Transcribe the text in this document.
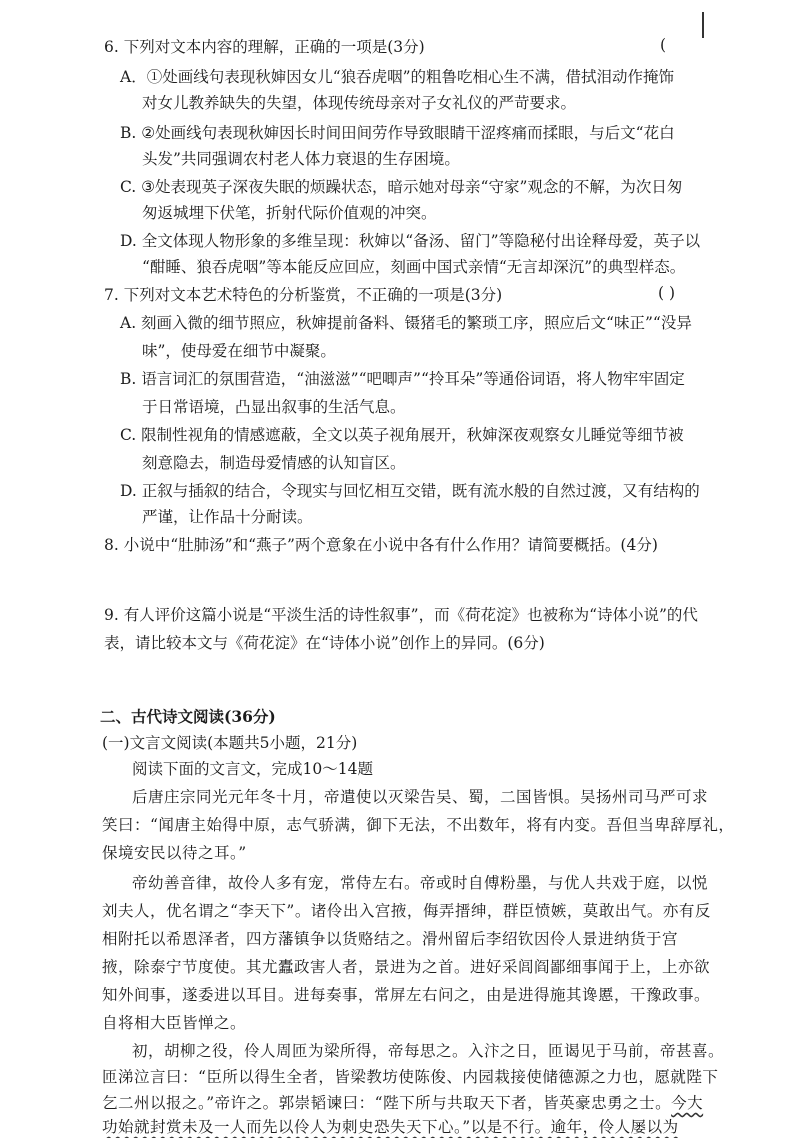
6. 下列对文本内容的理解，正确的一项是(3分)	(
A．①处画线句表现秋婶因女儿“狼吞虎咽”的粗鲁吃相心生不满，借拭泪动作掩饰
对女儿教养缺失的失望，体现传统母亲对子女礼仪的严苛要求。
B. ②处画线句表现秋婶因长时间田间劳作导致眼睛干涩疼痛而揉眼，与后文“花白
头发”共同强调农村老人体力衰退的生存困境。
C. ③处表现英子深夜失眠的烦躁状态，暗示她对母亲“守家”观念的不解，为次日匆
匆返城埋下伏笔，折射代际价值观的冲突。
D. 全文体现人物形象的多维呈现：秋婶以“备汤、留门”等隐秘付出诠释母爱，英子以
“酣睡、狼吞虎咽”等本能反应回应，刻画中国式亲情“无言却深沉”的典型样态。
7. 下列对文本艺术特色的分析鉴赏，不正确的一项是(3分)	( )
A. 刻画入微的细节照应，秋婶提前备料、镊猪毛的繁琐工序，照应后文“味正”“没异
味”，使母爱在细节中凝聚。
B. 语言词汇的氛围营造，“油滋滋”“吧唧声”“拎耳朵”等通俗词语，将人物牢牢固定
于日常语境，凸显出叙事的生活气息。
C. 限制性视角的情感遮蔽，全文以英子视角展开，秋婶深夜观察女儿睡觉等细节被
刻意隐去，制造母爱情感的认知盲区。
D. 正叙与插叙的结合，令现实与回忆相互交错，既有流水般的自然过渡，又有结构的
严谨，让作品十分耐读。
8. 小说中“肚肺汤”和“燕子”两个意象在小说中各有什么作用？请简要概括。(4分)
9. 有人评价这篇小说是“平淡生活的诗性叙事”，而《荷花淀》也被称为“诗体小说”的代
表，请比较本文与《荷花淀》在“诗体小说”创作上的异同。(6分)
二、古代诗文阅读(36分)
(一)文言文阅读(本题共5小题，21分)
阅读下面的文言文，完成10～14题
后唐庄宗同光元年冬十月，帝遣使以灭梁告吴、蜀，二国皆惧。吴扬州司马严可求
笑曰：“闻唐主始得中原，志气骄满，御下无法，不出数年，将有内变。吾但当卑辞厚礼，
保境安民以待之耳。”
帝幼善音律，故伶人多有宠，常侍左右。帝或时自傅粉墨，与优人共戏于庭，以悦
刘夫人，优名谓之“李天下”。诸伶出入宫掖，侮弄搢绅，群臣愤嫉，莫敢出气。亦有反
相附托以希恩泽者，四方藩镇争以货赂结之。滑州留后李绍钦因伶人景进纳货于宫
掖，除泰宁节度使。其尤蠹政害人者，景进为之首。进好采闾阎鄙细事闻于上，上亦欲
知外间事，遂委进以耳目。进每奏事，常屏左右问之，由是进得施其谗慝，干豫政事。
自将相大臣皆惮之。
初，胡柳之役，伶人周匝为梁所得，帝每思之。入汴之日，匝谒见于马前，帝甚喜。
匝涕泣言曰：“臣所以得生全者，皆梁教坊使陈俊、内园栽接使储德源之力也，愿就陛下
乞二州以报之。”帝许之。郭崇韬谏曰：“陛下所与共取天下者，皆英豪忠勇之士。今大
功始就封赏未及一人而先以伶人为刺史恐失天下心。”以是不行。逾年，伶人屡以为
